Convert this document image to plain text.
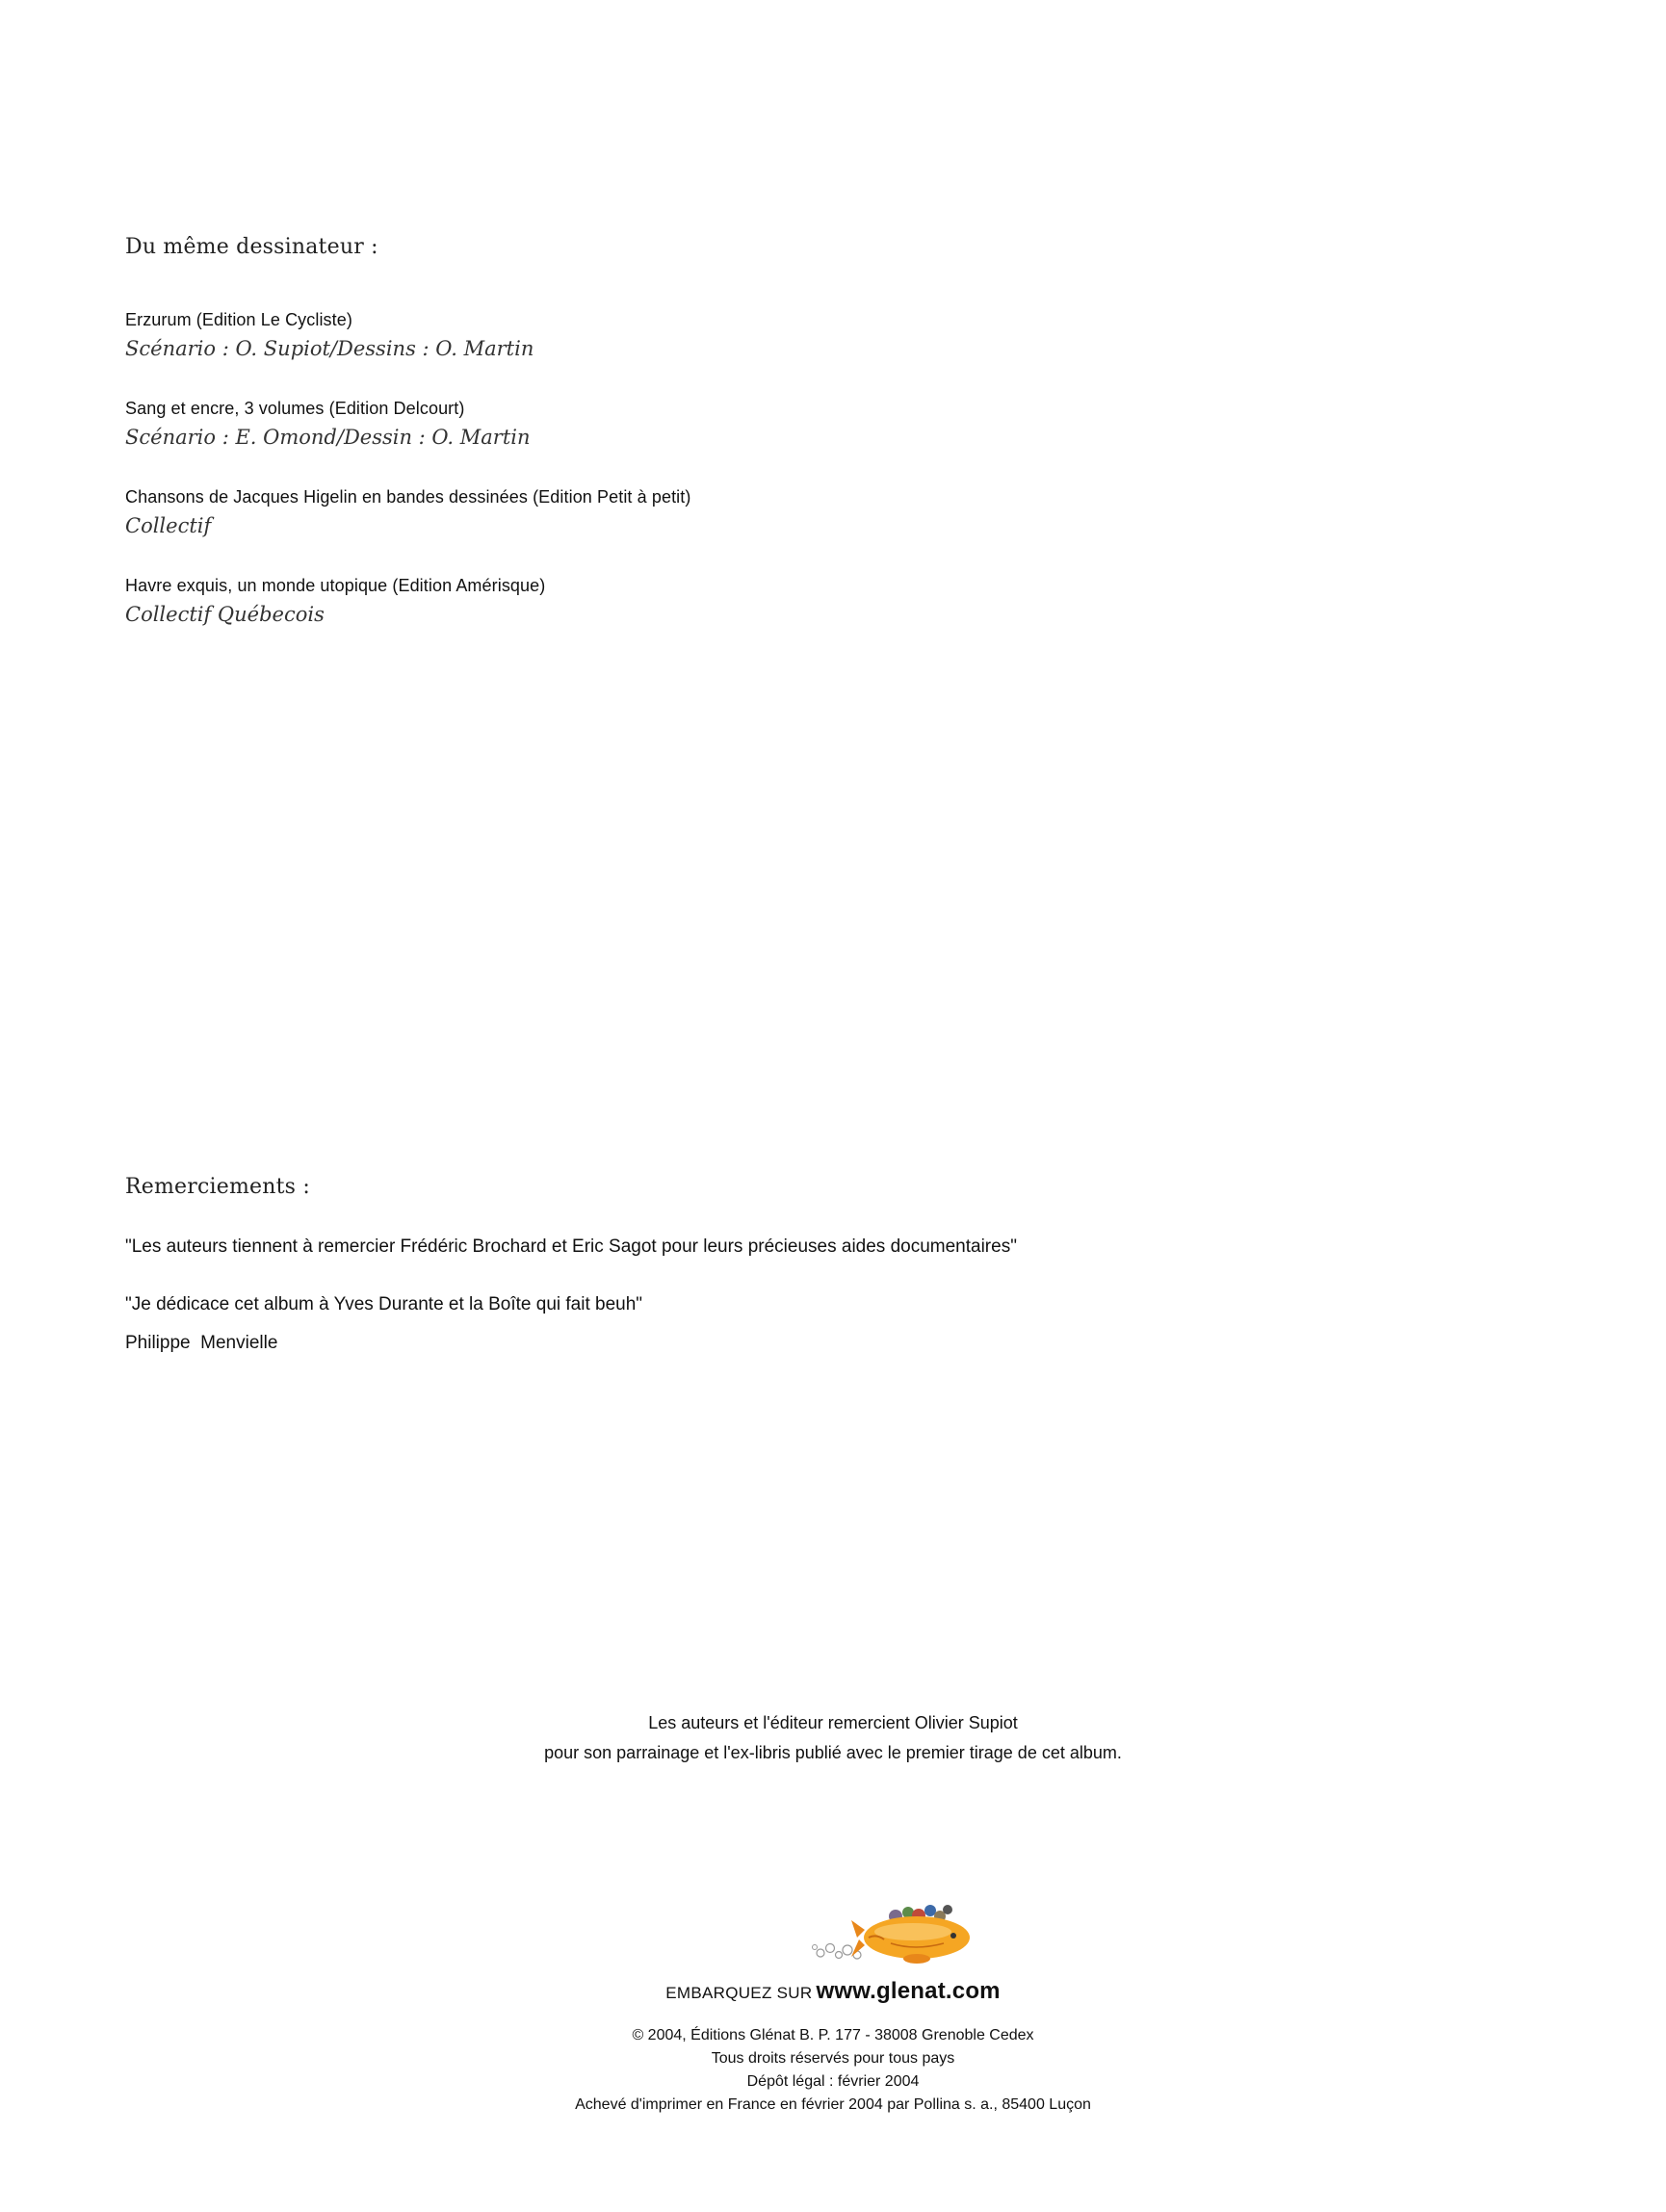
Du même dessinateur :
Erzurum (Edition Le Cycliste)
Scénario : O. Supiot/Dessins : O. Martin
Sang et encre, 3 volumes (Edition Delcourt)
Scénario : E. Omond/Dessin : O. Martin
Chansons de Jacques Higelin en bandes dessinées (Edition Petit à petit)
Collectif
Havre exquis, un monde utopique (Edition Amérisque)
Collectif Québecois
Remerciements :
"Les auteurs tiennent à remercier Frédéric Brochard et Eric Sagot pour leurs précieuses aides documentaires"
"Je dédicace cet album à Yves Durante et la Boîte qui fait beuh"
Philippe  Menvielle
Les auteurs et l'éditeur remercient Olivier Supiot
pour son parrainage et l'ex-libris publié avec le premier tirage de cet album.
EMBARQUEZ SUR www.glenat.com
© 2004, Éditions Glénat B. P. 177 - 38008 Grenoble Cedex
Tous droits réservés pour tous pays
Dépôt légal : février 2004
Achevé d'imprimer en France en février 2004 par Pollina s. a., 85400 Luçon
